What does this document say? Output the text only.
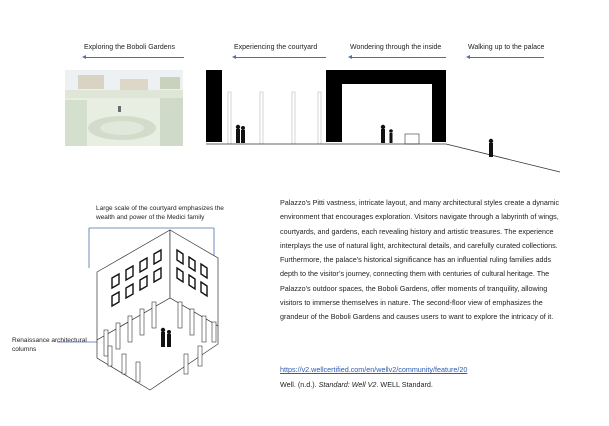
Exploring the Boboli Gardens	Experiencing the courtyard	Wondering through the inside	Walking up to the palace
Large scale of the courtyard emphasizes the
wealth and power of the Medici family
Renaissance architectural
columns
Palazzo’s Pitti vastness, intricate layout, and many architectural styles create a dynamic environment that encourages exploration. Visitors navigate through a labyrinth of wings, courtyards, and gardens, each revealing history and artistic treasures. The experience interplays the use of natural light, architectural details, and carefully curated collections. Furthermore, the palace’s historical significance has an influential ruling families adds depth to the visitor’s journey, connecting them with centuries of cultural heritage. The Palazzo’s outdoor spaces, the Boboli Gardens, offer moments of tranquility, allowing visitors to immerse themselves in nature. The second-floor view of emphasizes the grandeur of the Boboli Gardens and causes users to want to explore the intricacy of it.
https://v2.wellcertified.com/en/wellv2/community/feature/20
Well. (n.d.). Standard: Well V2. WELL Standard.
